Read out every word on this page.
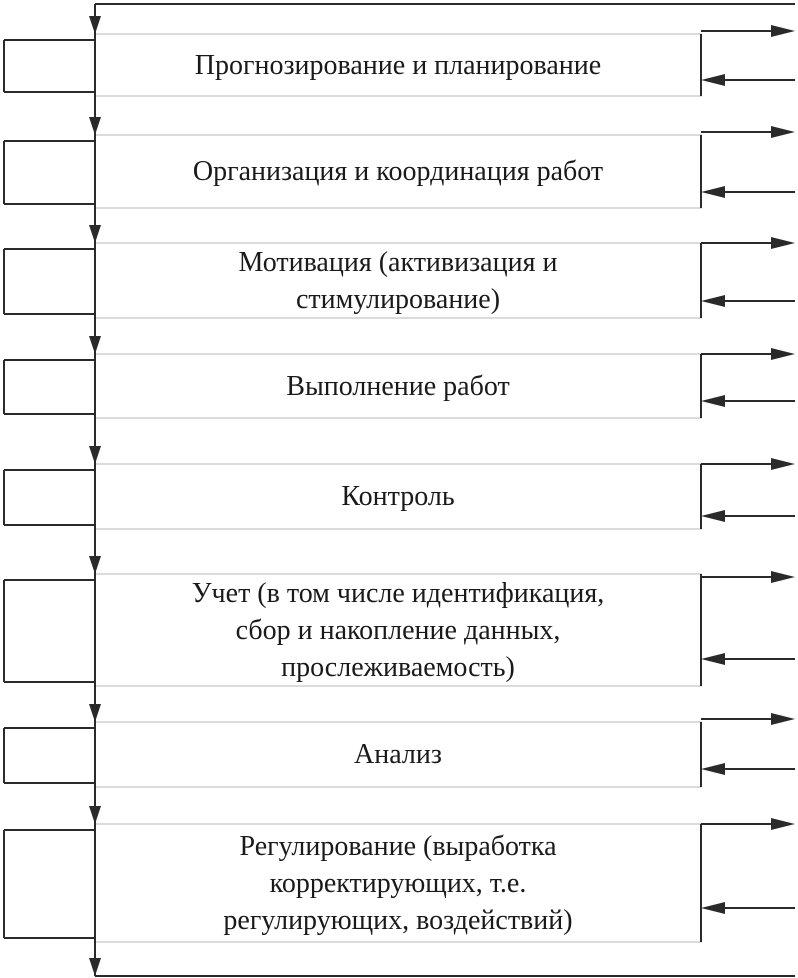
Прогнозирование и планирование
Организация и координация работ
Мотивация (активизация и
стимулирование)
Выполнение работ
Контроль
Учет (в том числе идентификация,
сбор и накопление данных,
прослеживаемость)
Анализ
Регулирование (выработка
корректирующих, т.е.
регулирующих, воздействий)
